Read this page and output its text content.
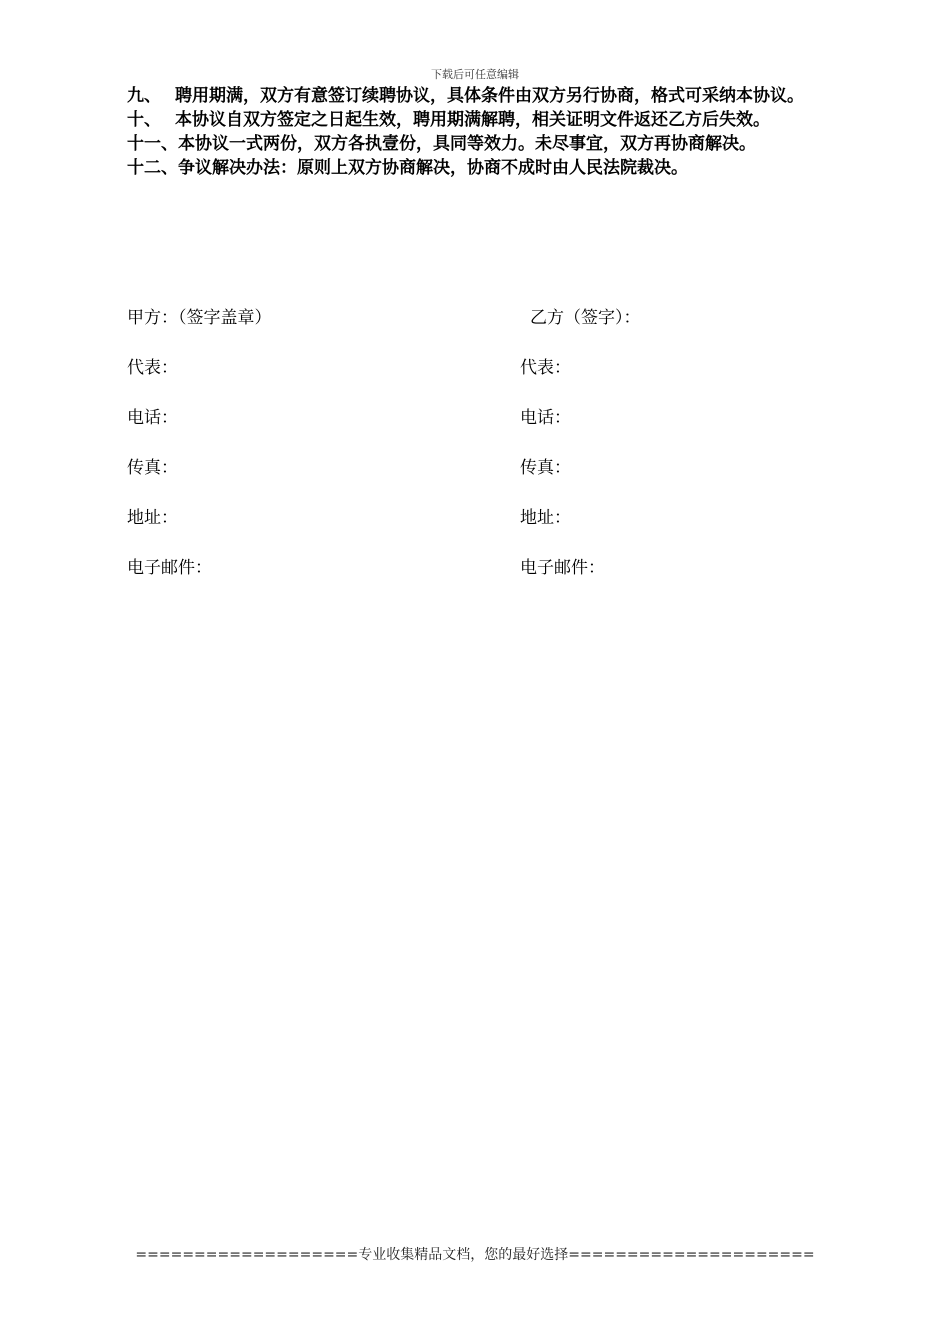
下载后可任意编辑
九、 聘用期满，双方有意签订续聘协议，具体条件由双方另行协商，格式可采纳本协议。
十、 本协议自双方签定之日起生效，聘用期满解聘，相关证明文件返还乙方后失效。
十一、 本协议一式两份，双方各执壹份，具同等效力。未尽事宜，双方再协商解决。
十二、 争议解决办法：原则上双方协商解决，协商不成时由人民法院裁决。
甲方：（签字盖章）	乙方（签字）：
代表：	代表：
电话：	电话：
传真：	传真：
地址：	地址：
电子邮件：	电子邮件：
===================专业收集精品文档，您的最好选择=====================
